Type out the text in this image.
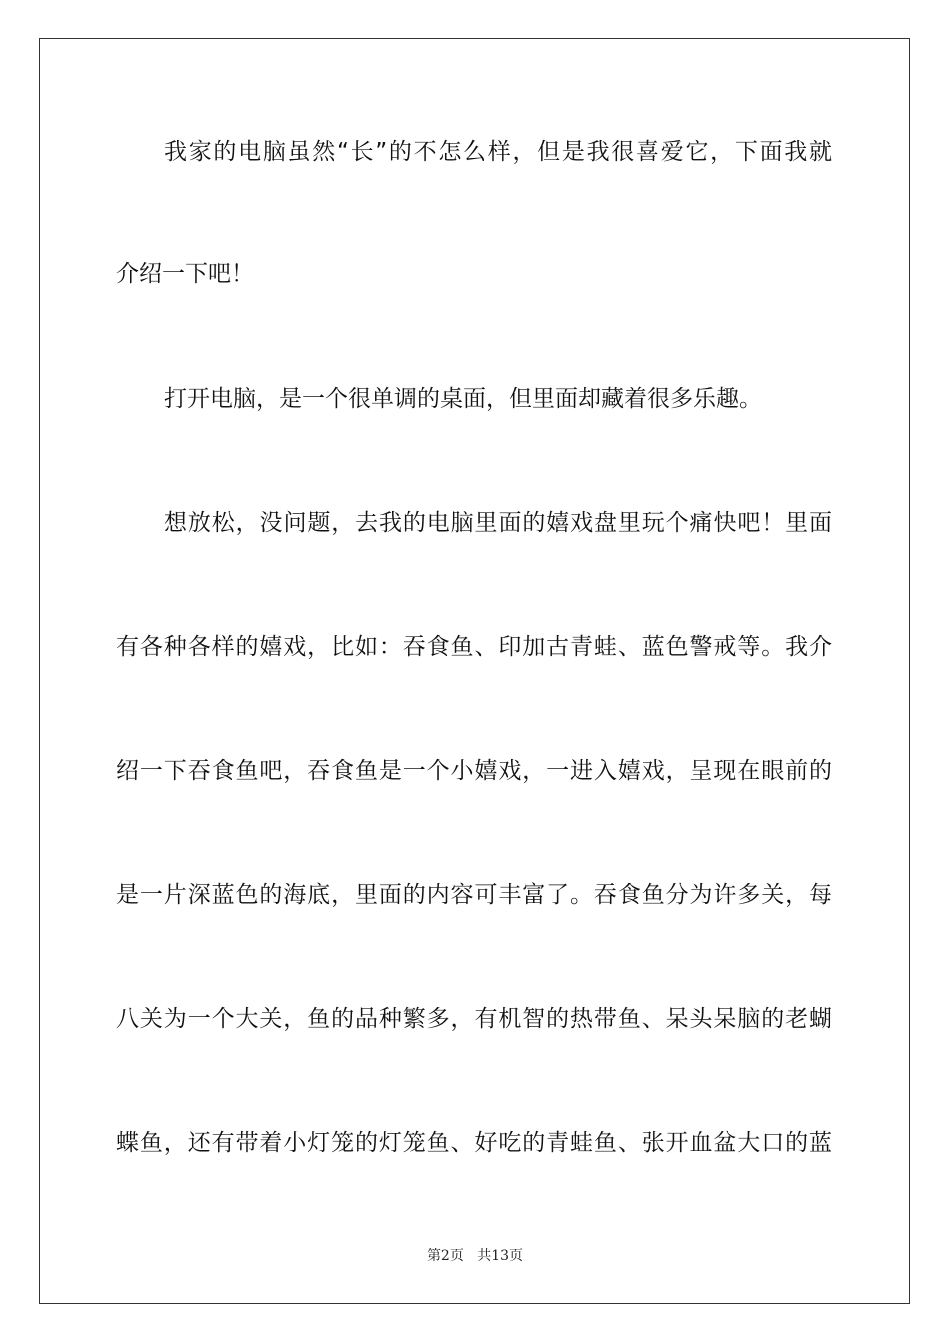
我家的电脑虽然“长”的不怎么样，但是我很喜爱它，下面我就
介绍一下吧！
打开电脑，是一个很单调的桌面，但里面却藏着很多乐趣。
想放松，没问题，去我的电脑里面的嬉戏盘里玩个痛快吧！里面
有各种各样的嬉戏，比如：吞食鱼、印加古青蛙、蓝色警戒等。我介
绍一下吞食鱼吧，吞食鱼是一个小嬉戏，一进入嬉戏，呈现在眼前的
是一片深蓝色的海底，里面的内容可丰富了。吞食鱼分为许多关，每
八关为一个大关，鱼的品种繁多，有机智的热带鱼、呆头呆脑的老蝴
蝶鱼，还有带着小灯笼的灯笼鱼、好吃的青蛙鱼、张开血盆大口的蓝
第2页 共13页
